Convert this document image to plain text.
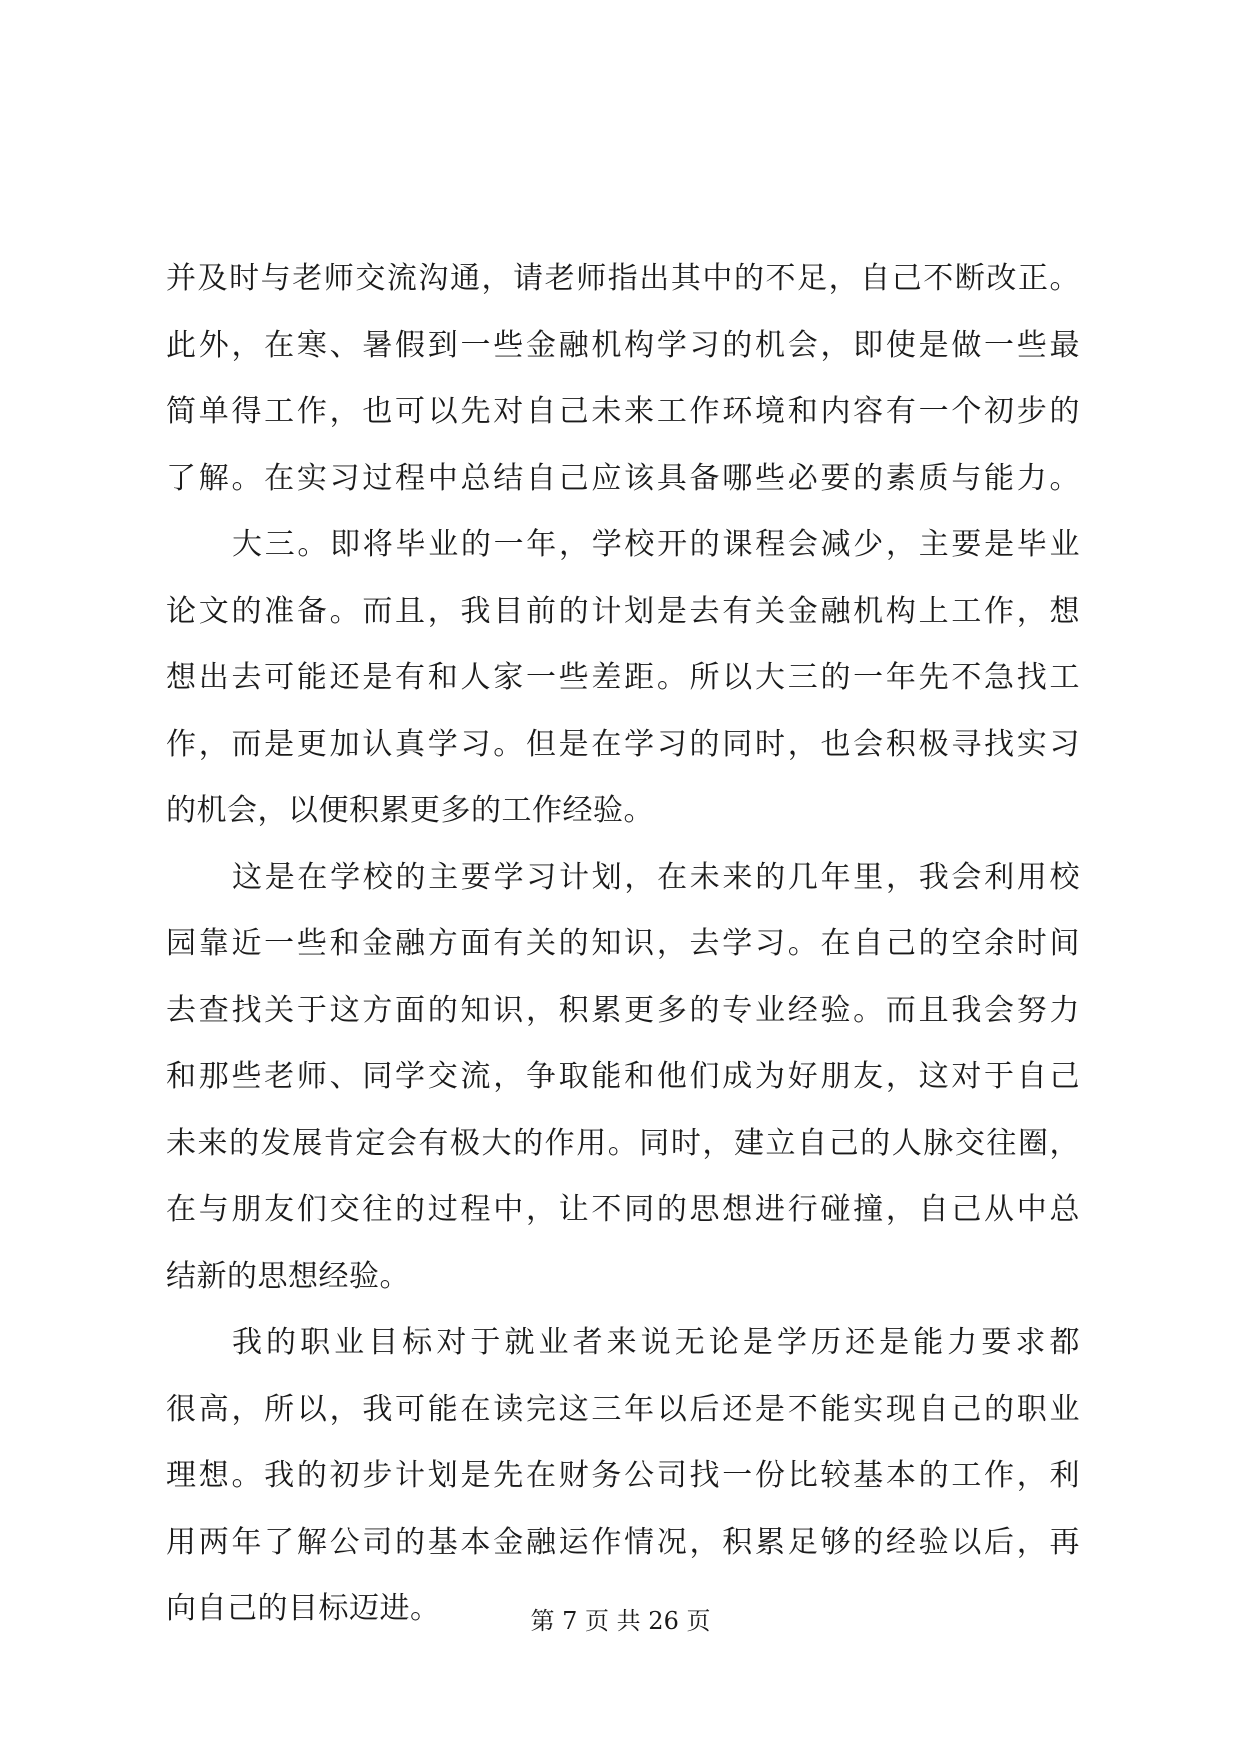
并及时与老师交流沟通，请老师指出其中的不足，自己不断改正。
此外，在寒、暑假到一些金融机构学习的机会，即使是做一些最
简单得工作，也可以先对自己未来工作环境和内容有一个初步的
了解。在实习过程中总结自己应该具备哪些必要的素质与能力。
大三。即将毕业的一年，学校开的课程会减少，主要是毕业
论文的准备。而且，我目前的计划是去有关金融机构上工作，想
想出去可能还是有和人家一些差距。所以大三的一年先不急找工
作，而是更加认真学习。但是在学习的同时，也会积极寻找实习
的机会，以便积累更多的工作经验。
这是在学校的主要学习计划，在未来的几年里，我会利用校
园靠近一些和金融方面有关的知识，去学习。在自己的空余时间
去查找关于这方面的知识，积累更多的专业经验。而且我会努力
和那些老师、同学交流，争取能和他们成为好朋友，这对于自己
未来的发展肯定会有极大的作用。同时，建立自己的人脉交往圈，
在与朋友们交往的过程中，让不同的思想进行碰撞，自己从中总
结新的思想经验。
我的职业目标对于就业者来说无论是学历还是能力要求都
很高，所以，我可能在读完这三年以后还是不能实现自己的职业
理想。我的初步计划是先在财务公司找一份比较基本的工作，利
用两年了解公司的基本金融运作情况，积累足够的经验以后，再
向自己的目标迈进。	第 7 页 共 26 页
